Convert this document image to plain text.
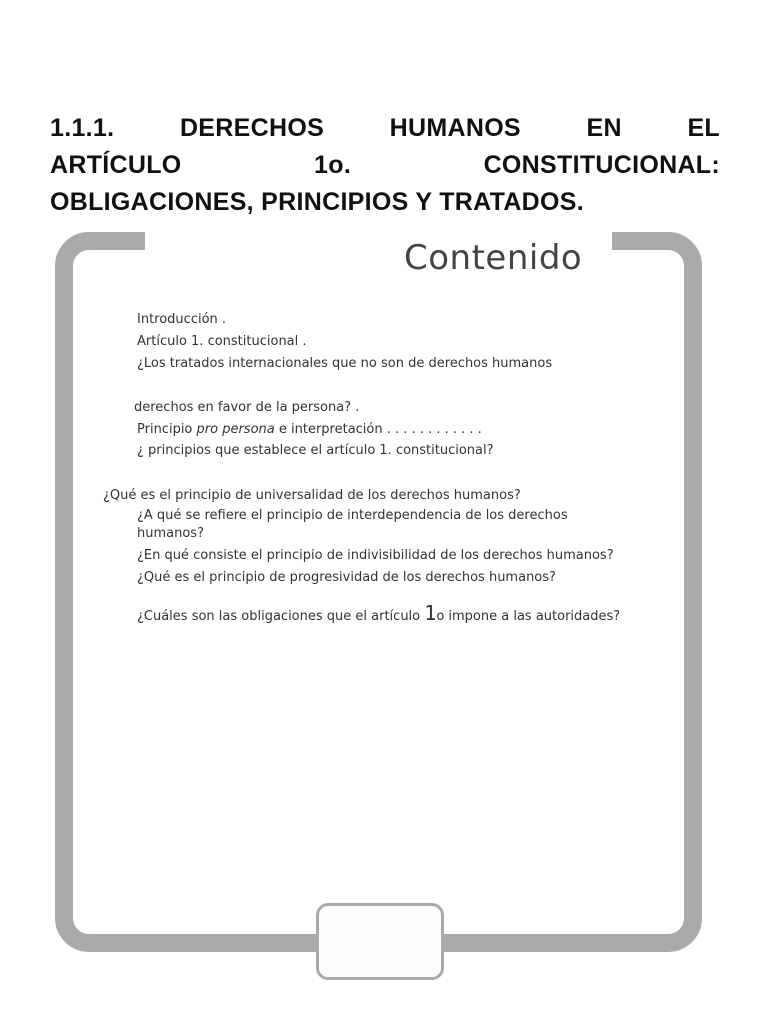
1.1.1. DERECHOS HUMANOS EN EL
ARTÍCULO 1o. CONSTITUCIONAL:
OBLIGACIONES, PRINCIPIOS Y TRATADOS.
Contenido
Introducción .
Artículo 1. constitucional .
¿Los tratados internacionales que no son de derechos humanos
derechos en favor de la persona? .
Principio pro persona e interpretación . . . . . . . . . . . .
¿ principios que establece el artículo 1. constitucional?
¿Qué es el principio de universalidad de los derechos humanos?
¿A qué se refiere el principio de interdependencia de los derechos
humanos?
¿En qué consiste el principio de indivisibilidad de los derechos humanos?
¿Qué es el principio de progresividad de los derechos humanos?
¿Cuáles son las obligaciones que el artículo 1o impone a las autoridades?
